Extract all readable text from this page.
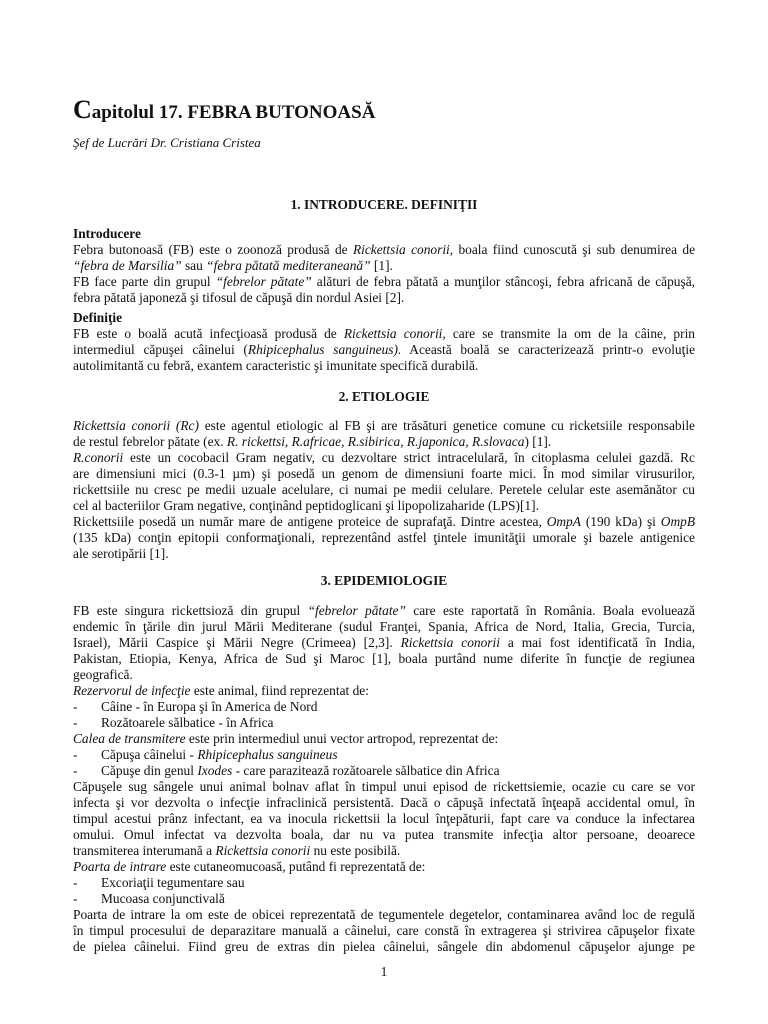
Capitolul 17. FEBRA BUTONOASĂ
Şef de Lucrări Dr. Cristiana Cristea
1. INTRODUCERE. DEFINIŢII
Introducere
Febra butonoasă (FB) este o zoonoză produsă de Rickettsia conorii, boala fiind cunoscută şi sub denumirea de
“febra de Marsilia” sau “febra pătată mediteraneană” [1].
FB face parte din grupul “febrelor pătate” alături de febra pătată a munţilor stâncoşi, febra africană de căpuşă,
febra pătată japoneză şi tifosul de căpuşă din nordul Asiei [2].
Definiţie
FB este o boală acută infecţioasă produsă de Rickettsia conorii, care se transmite la om de la câine, prin
intermediul căpuşei câinelui (Rhipicephalus sanguineus). Această boală se caracterizează printr-o evoluţie
autolimitantă cu febră, exantem caracteristic şi imunitate specifică durabilă.
2. ETIOLOGIE
Rickettsia conorii (Rc) este agentul etiologic al FB şi are trăsături genetice comune cu ricketsiile responsabile
de restul febrelor pătate (ex. R. rickettsi, R.africae, R.sibirica, R.japonica, R.slovaca) [1].
R.conorii este un cocobacil Gram negativ, cu dezvoltare strict intracelulară, în citoplasma celulei gazdă. Rc
are dimensiuni mici (0.3-1 µm) şi posedă un genom de dimensiuni foarte mici. În mod similar virusurilor,
rickettsiile nu cresc pe medii uzuale acelulare, ci numai pe medii celulare. Peretele celular este asemănător cu
cel al bacteriilor Gram negative, conţinând peptidoglicani şi lipopolizaharide (LPS)[1].
Rickettsiile posedă un număr mare de antigene proteice de suprafaţă. Dintre acestea, OmpA (190 kDa) şi OmpB
(135 kDa) conţin epitopii conformaţionali, reprezentând astfel ţintele imunităţii umorale şi bazele antigenice
ale serotipării [1].
3. EPIDEMIOLOGIE
FB este singura rickettsioză din grupul “febrelor pătate” care este raportată în România. Boala evoluează
endemic în ţările din jurul Mării Mediterane (sudul Franţei, Spania, Africa de Nord, Italia, Grecia, Turcia,
Israel), Mării Caspice şi Mării Negre (Crimeea) [2,3]. Rickettsia conorii a mai fost identificată în India,
Pakistan, Etiopia, Kenya, Africa de Sud şi Maroc [1], boala purtând nume diferite în funcţie de regiunea
geografică.
Rezervorul de infecţie este animal, fiind reprezentat de:
- Câine - în Europa şi în America de Nord
- Rozătoarele sălbatice - în Africa
Calea de transmitere este prin intermediul unui vector artropod, reprezentat de:
- Căpuşa câinelui - Rhipicephalus sanguineus
- Căpuşe din genul Ixodes - care parazitează rozătoarele sălbatice din Africa
Căpuşele sug sângele unui animal bolnav aflat în timpul unui episod de rickettsiemie, ocazie cu care se vor
infecta şi vor dezvolta o infecţie infraclinică persistentă. Dacă o căpuşă infectată înţeapă accidental omul, în
timpul acestui prânz infectant, ea va inocula rickettsii la locul înţepăturii, fapt care va conduce la infectarea
omului. Omul infectat va dezvolta boala, dar nu va putea transmite infecţia altor persoane, deoarece
transmiterea interumană a Rickettsia conorii nu este posibilă.
Poarta de intrare este cutaneomucoasă, putând fi reprezentată de:
- Excoriaţii tegumentare sau
- Mucoasa conjunctivală
Poarta de intrare la om este de obicei reprezentată de tegumentele degetelor, contaminarea având loc de regulă
în timpul procesului de deparazitare manuală a câinelui, care constă în extragerea şi strivirea căpuşelor fixate
de pielea câinelui. Fiind greu de extras din pielea câinelui, sângele din abdomenul căpuşelor ajunge pe
1
